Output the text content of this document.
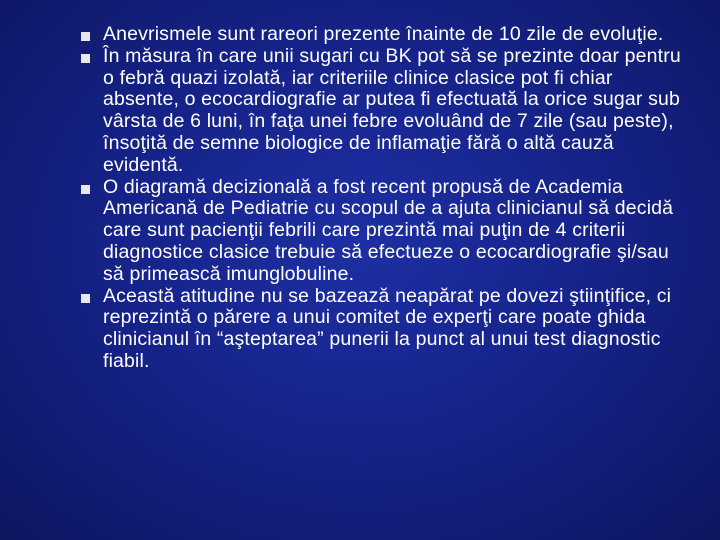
Anevrismele sunt rareori prezente înainte de 10 zile de evoluţie.
În măsura în care unii sugari cu BK pot să se prezinte doar pentru o febră quazi izolată, iar criteriile clinice clasice pot fi chiar absente, o ecocardiografie ar putea fi efectuată la orice sugar sub vârsta de 6 luni, în faţa unei febre evoluând de 7 zile (sau peste), însoţită de semne biologice de inflamaţie fără o altă cauză evidentă.
O diagramă decizională a fost recent propusă de Academia Americană de Pediatrie cu scopul de a ajuta clinicianul să decidă care sunt pacienţii febrili care prezintă mai puţin de 4 criterii diagnostice clasice trebuie să efectueze o ecocardiografie şi/sau să primească imunglobuline.
Această atitudine nu se bazează neapărat pe dovezi ştiinţifice, ci reprezintă o părere a unui comitet de experţi care poate ghida clinicianul în “aşteptarea” punerii la punct al unui test diagnostic fiabil.
